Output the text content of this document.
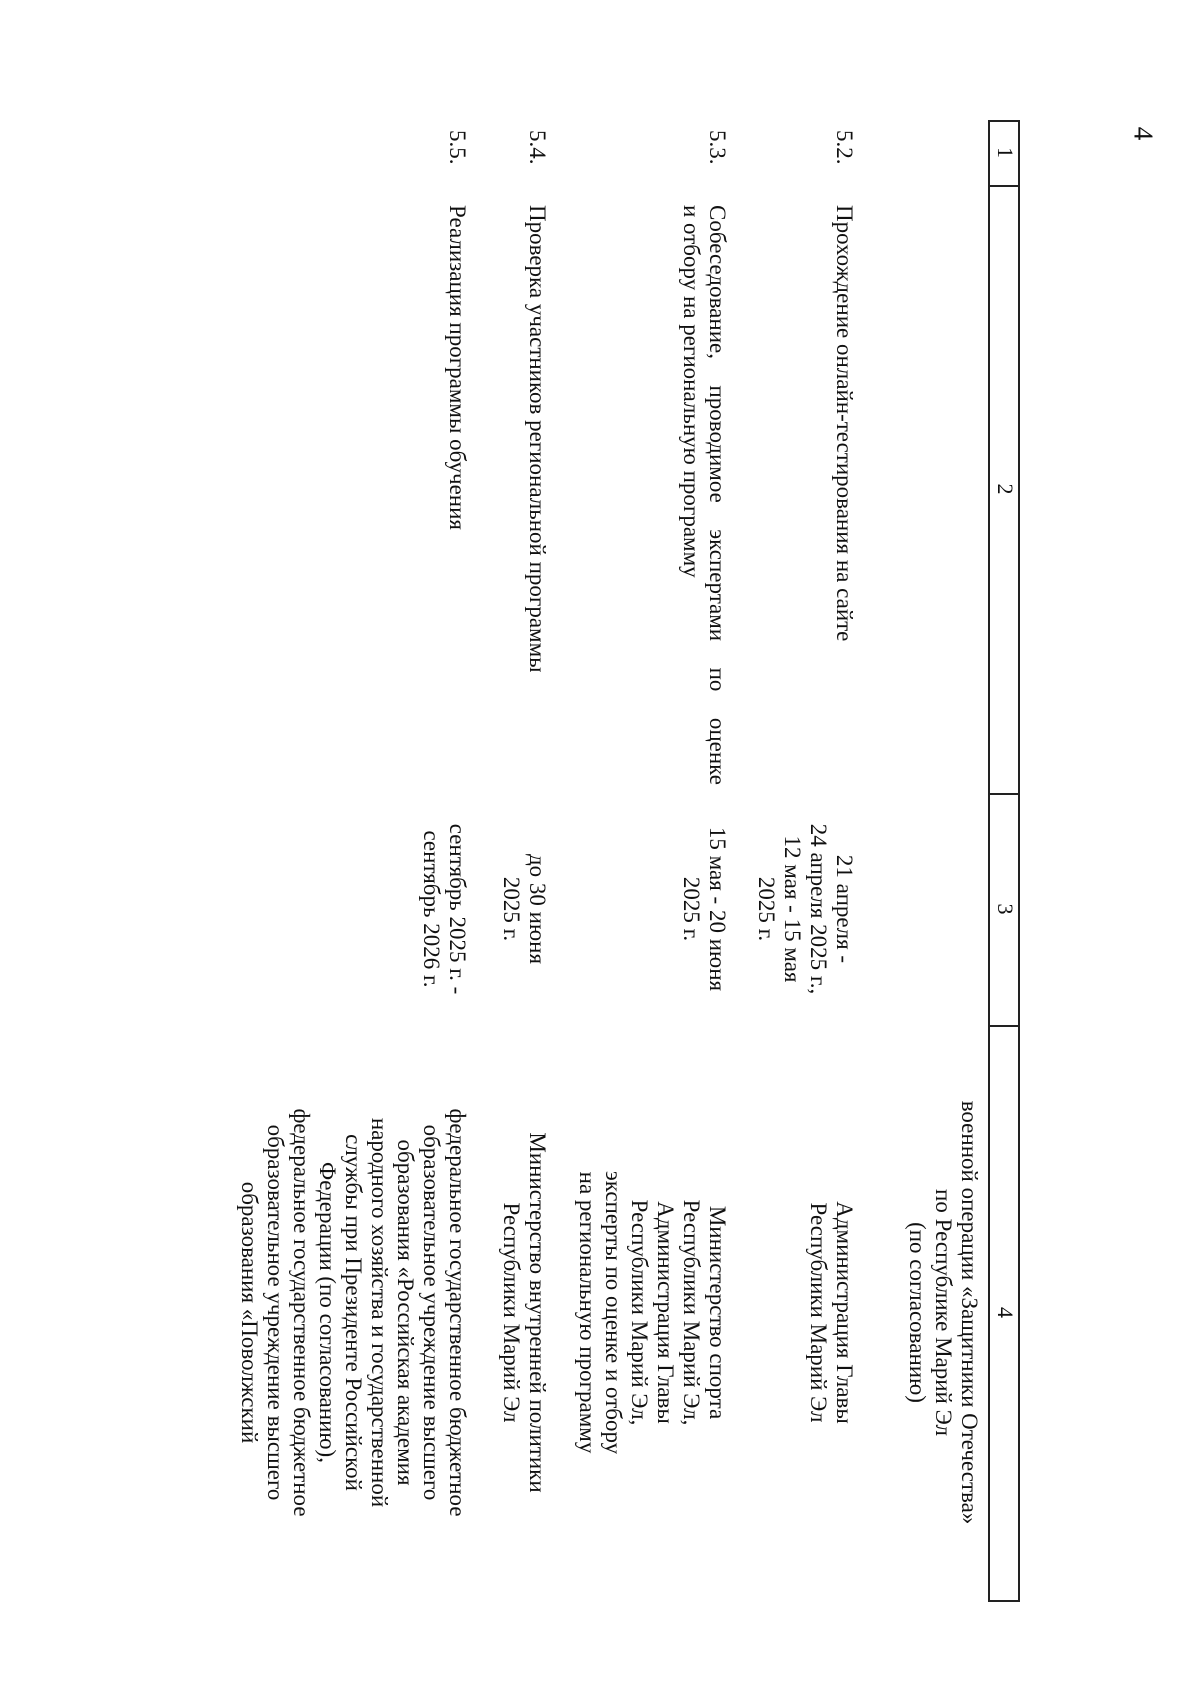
4
1
2
3
4
военной операции «Защитники Отечества»
по Республике Марий Эл
(по согласованию)
5.2.
Прохождение онлайн-тестирования на сайте
21 апреля -
24 апреля 2025 г.,
12 мая - 15 мая
2025 г.
Администрация Главы
Республики Марий Эл
5.3.
Собеседование, проводимое экспертами по оценке
и отбору на региональную программу
15 мая - 20 июня
2025 г.
Министерство спорта
Республики Марий Эл,
Администрация Главы
Республики Марий Эл,
эксперты по оценке и отбору
на региональную программу
5.4.
Проверка участников региональной программы
до 30 июня
2025 г.
Министерство внутренней политики
Республики Марий Эл
5.5.
Реализация программы обучения
сентябрь 2025 г. -
сентябрь 2026 г.
федеральное государственное бюджетное
образовательное учреждение высшего
образования «Российская академия
народного хозяйства и государственной
службы при Президенте Российской
Федерации (по согласованию),
федеральное государственное бюджетное
образовательное учреждение высшего
образования «Поволжский
